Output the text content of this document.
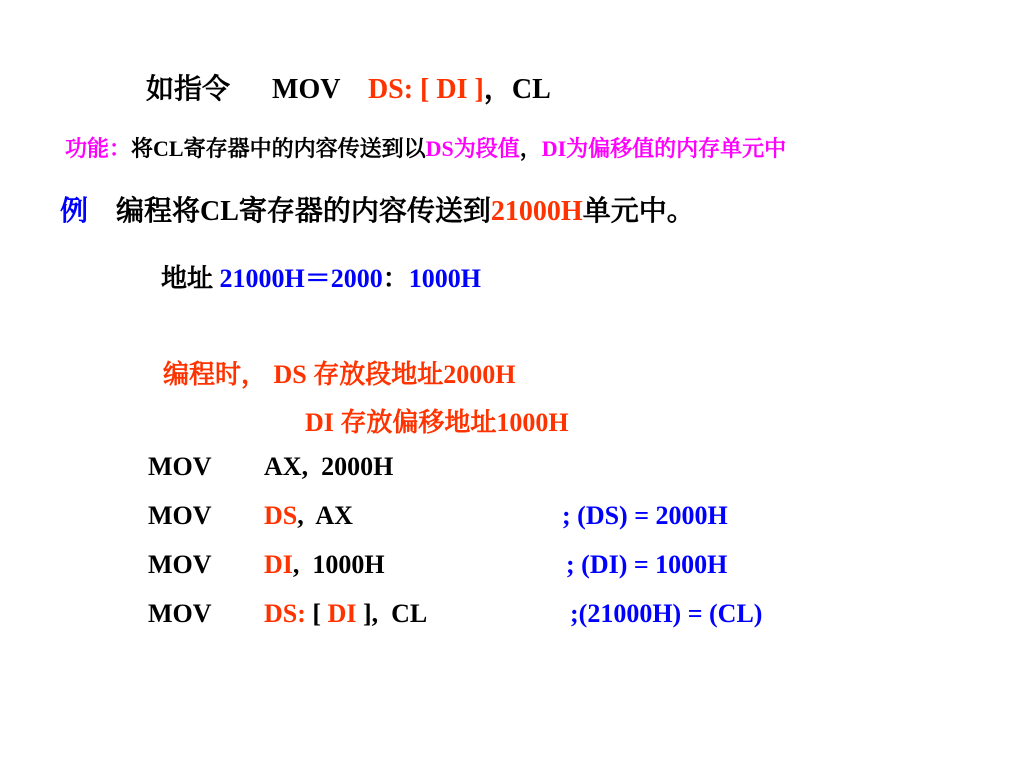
如指令 MOV DS: [ DI ]，CL

功能：将CL寄存器中的内容传送到以DS为段值，DI为偏移值的内存单元中

例 编程将CL寄存器的内容传送到21000H单元中。

地址 21000H＝2000：1000H

编程时， DS 存放段地址2000H

DI 存放偏移地址1000H

MOV AX,  2000H
MOV DS,  AX	; (DS) = 2000H
MOV DI,  1000H	; (DI) = 1000H
MOV DS: [ DI ],  CL	;(21000H) = (CL)
